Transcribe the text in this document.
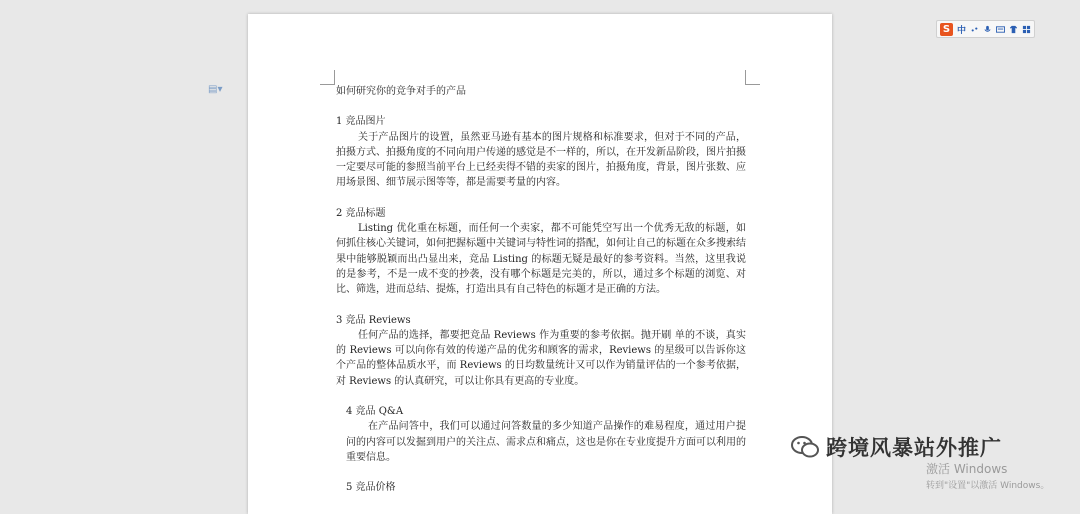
▤▾	如何研究你的竞争对手的产品

1 竞品图片

关于产品图片的设置，虽然亚马逊有基本的图片规格和标准要求，但对于不同的产品，拍摄方式、拍摄角度的不同向用户传递的感觉是不一样的，所以，在开发新品阶段，图片拍摄一定要尽可能的参照当前平台上已经卖得不错的卖家的图片，拍摄角度，背景，图片张数、应用场景图、细节展示图等等，都是需要考量的内容。

2 竞品标题

Listing 优化重在标题，而任何一个卖家，都不可能凭空写出一个优秀无敌的标题，如何抓住核心关键词，如何把握标题中关键词与特性词的搭配，如何让自己的标题在众多搜索结果中能够脱颖而出凸显出来，竞品 Listing 的标题无疑是最好的参考资料。当然，这里我说的是参考，不是一成不变的抄袭，没有哪个标题是完美的，所以，通过多个标题的浏览、对比、筛选，进而总结、提炼，打造出具有自己特色的标题才是正确的方法。

3 竞品 Reviews

任何产品的选择，都要把竞品 Reviews 作为重要的参考依据。抛开刷 单的不谈，真实的 Reviews 可以向你有效的传递产品的优劣和顾客的需求，Reviews 的星级可以告诉你这个产品的整体品质水平，而 Reviews 的日均数量统计又可以作为销量评估的一个参考依据，对 Reviews 的认真研究，可以让你具有更高的专业度。

4 竞品 Q&A

在产品问答中，我们可以通过问答数量的多少知道产品操作的难易程度，通过用户提问的内容可以发掘到用户的关注点、需求点和痛点，这也是你在专业度提升方面可以利用的重要信息。

5 竞品价格

S 中
跨境风暴站外推广
激活 Windows
转到"设置"以激活 Windows。
